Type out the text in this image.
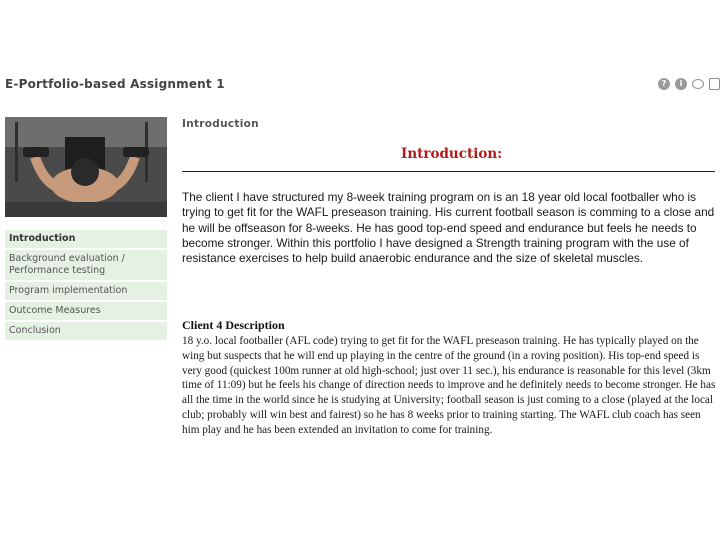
E-Portfolio-based Assignment 1	?	i
Introduction
Background evaluation / Performance testing
Program implementation
Outcome Measures
Conclusion
Introduction
Introduction:
The client I have structured my 8-week training program on is an 18 year old local footballer who is trying to get fit for the WAFL preseason training. His current football season is comming to a close and he will be offseason for 8-weeks. He has good top-end speed and endurance but feels he needs to become stronger. Within this portfolio I have designed a Strength training program with the use of resistance exercises to help build anaerobic endurance and the size of skeletal muscles.
Client 4 Description
18 y.o. local footballer (AFL code) trying to get fit for the WAFL preseason training. He has typically played on the wing but suspects that he will end up playing in the centre of the ground (in a roving position). His top-end speed is very good (quickest 100m runner at old high-school; just over 11 sec.), his endurance is reasonable for this level (3km time of 11:09) but he feels his change of direction needs to improve and he definitely needs to become stronger. He has all the time in the world since he is studying at University; football season is just coming to a close (played at the local club; probably will win best and fairest) so he has 8 weeks prior to training starting. The WAFL club coach has seen him play and he has been extended an invitation to come for training.
